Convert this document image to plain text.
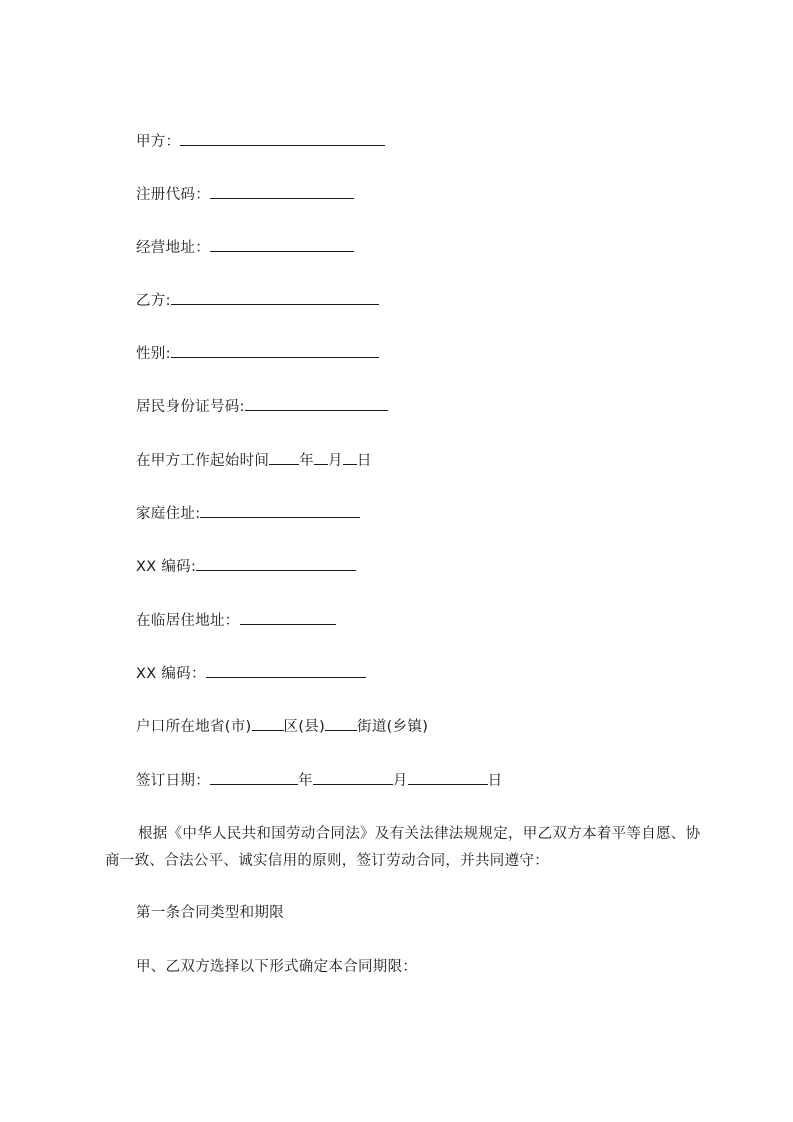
甲方：
注册代码：
经营地址：
乙方:
性别:
居民身份证号码:
在甲方工作起始时间 年 月 日
家庭住址:
XX 编码:
在临居住地址：
XX 编码：
户口所在地省(市) 区(县) 街道(乡镇)
签订日期：	年	月	日
根据《中华人民共和国劳动合同法》及有关法律法规规定，甲乙双方本着平等自愿、协商一致、合法公平、诚实信用的原则，签订劳动合同，并共同遵守：
第一条合同类型和期限
甲、乙双方选择以下形式确定本合同期限：
